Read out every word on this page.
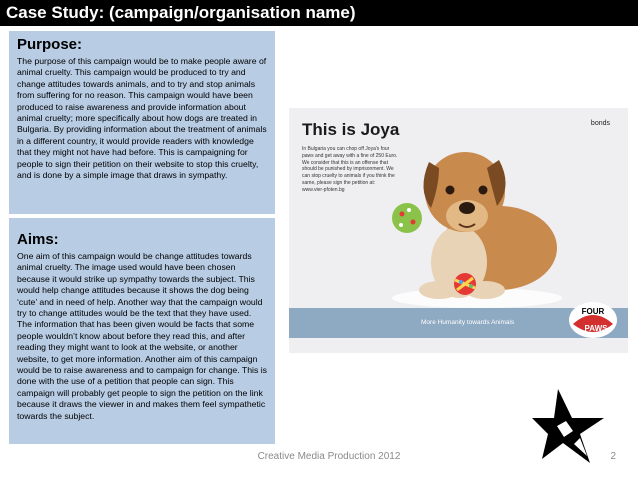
Case Study: (campaign/organisation name)
Purpose:

The purpose of this campaign would be to make people aware of animal cruelty. This campaign would be produced to try and change attitudes towards animals, and to try and stop animals from suffering for no reason. This campaign would have been produced to raise awareness and provide information about animal cruelty; more specifically about how dogs are treated in Bulgaria. By providing information about the treatment of animals in a different country, it would provide readers with knowledge that they might not have had before. This is campaigning for people to sign their petition on their website to stop this cruelty, and is done by a simple image that draws in sympathy.

Aims:

One aim of this campaign would be change attitudes towards animal cruelty. The image used would have been chosen because it would strike up sympathy towards the subject. This would help change attitudes because it shows the dog being ‘cute’ and in need of help. Another way that the campaign would try to change attitudes would be the text that they have used. The information that has been given would be facts that some people wouldn’t know about before they read this, and after reading they might want to look at the website, or another website, to get more information. Another aim of this campaign would be to raise awareness and to campaign for change. This is done with the use of a petition that people can sign. This campaign will probably get people to sign the petition on the link because it draws the viewer in and makes them feel sympathetic towards the subject.

This is Joya	bonds
In Bulgaria you can chop off Joya's four paws and get away with a fine of 250 Euro. We consider that this is an offense that should be punished by imprisonment. We can stop cruelty to animals if you think the same, please sign the petition at: www.vier-pfoten.bg
More Humanity towards Animals
FOUR
PAWS
Creative Media Production 2012	2
